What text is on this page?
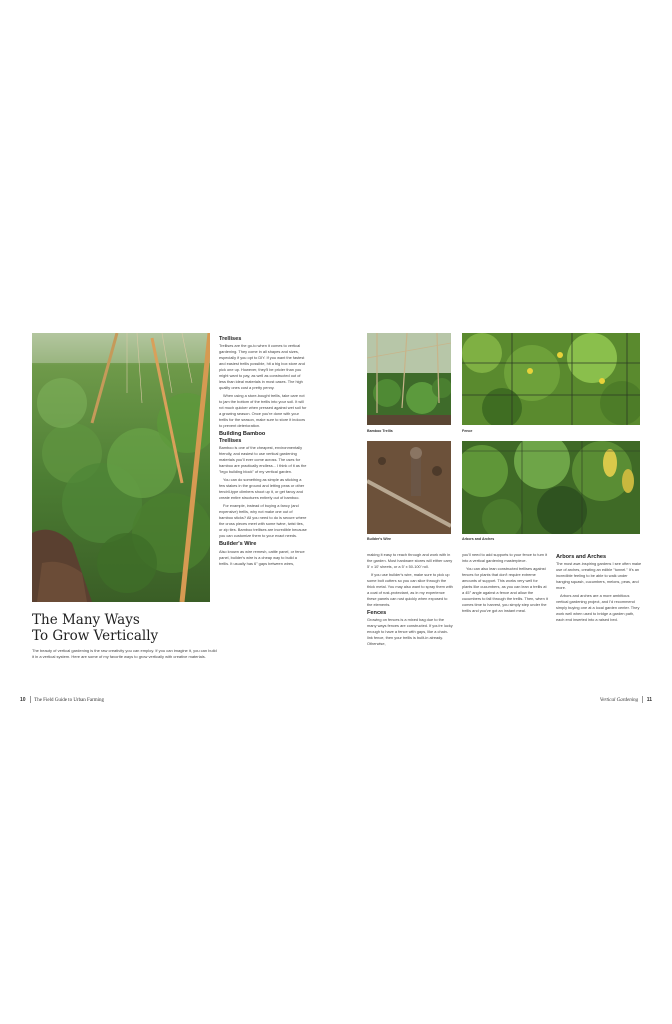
Trellises

Trellises are the go-to when it comes to vertical gardening. They come in all shapes and sizes, especially if you opt to DIY. If you want the fastest and easiest trellis possible, hit a big box store and pick one up. However, they'll be pricier than you might want to pay, as well as constructed out of less than ideal materials in most cases. The high quality ones cost a pretty penny.

When using a store-bought trellis, take care not to jam the bottom of the trellis into your soil. It will rot much quicker when pressed against wet soil for a growing season. Once you're done with your trellis for the season, make sure to store it indoors to prevent deterioration.

Building Bamboo
Trellises

Bamboo is one of the cheapest, environmentally friendly, and easiest to use vertical gardening materials you'll ever come across. The uses for bamboo are practically endless... I think of it as the "lego building block" of my vertical garden.

You can do something as simple as sticking a few stakes in the ground and letting peas or other tendril-type climbers shoot up it, or get fancy and create entire structures entirely out of bamboo.

For example, instead of buying a fancy (and expensive) trellis, why not make one out of bamboo sticks? All you need to do is secure where the cross pieces meet with some twine, twist ties, or zip ties. Bamboo trellises are incredible because you can customize them to your exact needs.

Builder's Wire

Also known as wire remesh, cattle panel, or fence panel, builder's wire is a cheap way to build a trellis. It usually has 6" gaps between wires,

The Many Ways
To Grow Vertically

The beauty of vertical gardening is the raw creativity you can employ. If you can imagine it, you can build it in a vertical system. Here are some of my favorite ways to grow vertically with creative materials.

10 The Field Guide to Urban Farming
Bamboo Trellis	Fence
Builder's Wire	Arbors and Arches

making it easy to reach through and work with in the garden. Most hardware stores will either carry 5' x 10' sheets, or a 5' x 50-100' roll.

If you use builder's wire, make sure to pick up some bolt cutters so you can slice through the thick metal. You may also want to spray them with a coat of rust-protectant, as in my experience these panels can rust quickly when exposed to the elements.

Fences

Growing on fences is a mixed bag due to the many ways fences are constructed. If you're lucky enough to have a fence with gaps, like a chain-link fence, then your trellis is built-in already. Otherwise,

you'll need to add supports to your fence to turn it into a vertical gardening masterpiece.

You can also lean constructed trellises against fences for plants that don't require extreme amounts of support. This works very well for plants like cucumbers, as you can lean a trellis at a 45° angle against a fence and allow the cucumbers to fall through the trellis. Then, when it comes time to harvest, you simply step under the trellis and you've got an instant meal.

Arbors and Arches

The most awe-inspiring gardens I see often make use of arches, creating an edible "tunnel." It's an incredible feeling to be able to walk under hanging squash, cucumbers, melons, peas, and more.

Arbors and arches are a more ambitious vertical gardening project, and I'd recommend simply buying one at a local garden center. They work well when used to bridge a garden path, each end inserted into a raised bed.

Vertical Gardening 11
